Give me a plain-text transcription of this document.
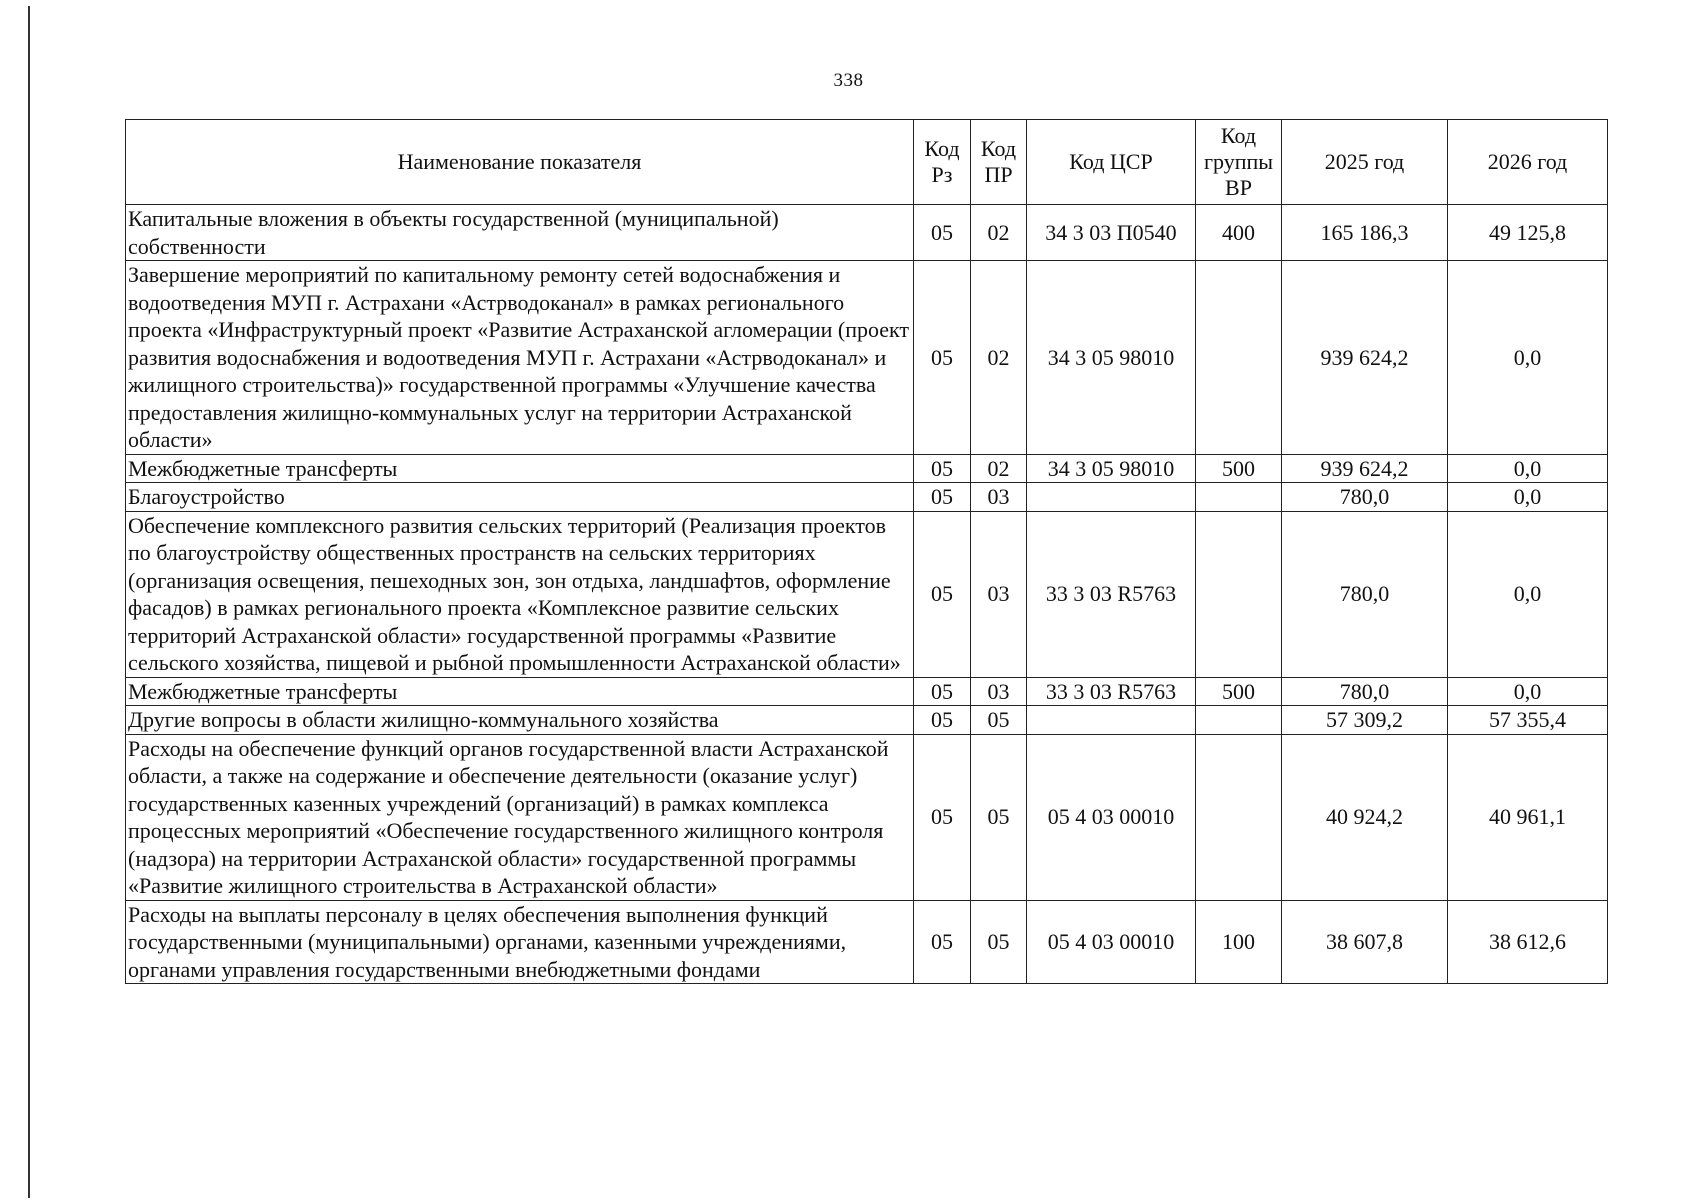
338
Наименование показателя	Код Рз	Код ПР	Код ЦСР	Код группы ВР	2025 год	2026 год
Капитальные вложения в объекты государственной (муниципальной) собственности	05	02	34 3 03 П0540	400	165 186,3	49 125,8
Завершение мероприятий по капитальному ремонту сетей водоснабжения и водоотведения МУП г. Астрахани «Астрводоканал» в рамках регионального проекта «Инфраструктурный проект «Развитие Астраханской агломерации (проект развития водоснабжения и водоотведения МУП г. Астрахани «Астрводоканал» и жилищного строительства)» государственной программы «Улучшение качества предоставления жилищно-коммунальных услуг на территории Астраханской области»	05	02	34 3 05 98010		939 624,2	0,0
Межбюджетные трансферты	05	02	34 3 05 98010	500	939 624,2	0,0
Благоустройство	05	03			780,0	0,0
Обеспечение комплексного развития сельских территорий (Реализация проектов по благоустройству общественных пространств на сельских территориях (организация освещения, пешеходных зон, зон отдыха, ландшафтов, оформление фасадов) в рамках регионального проекта «Комплексное развитие сельских территорий Астраханской области» государственной программы «Развитие сельского хозяйства, пищевой и рыбной промышленности Астраханской области»	05	03	33 3 03 R5763		780,0	0,0
Межбюджетные трансферты	05	03	33 3 03 R5763	500	780,0	0,0
Другие вопросы в области жилищно-коммунального хозяйства	05	05			57 309,2	57 355,4
Расходы на обеспечение функций органов государственной власти Астраханской области, а также на содержание и обеспечение деятельности (оказание услуг) государственных казенных учреждений (организаций) в рамках комплекса процессных мероприятий «Обеспечение государственного жилищного контроля (надзора) на территории Астраханской области» государственной программы «Развитие жилищного строительства в Астраханской области»	05	05	05 4 03 00010		40 924,2	40 961,1
Расходы на выплаты персоналу в целях обеспечения выполнения функций государственными (муниципальными) органами, казенными учреждениями, органами управления государственными внебюджетными фондами	05	05	05 4 03 00010	100	38 607,8	38 612,6
